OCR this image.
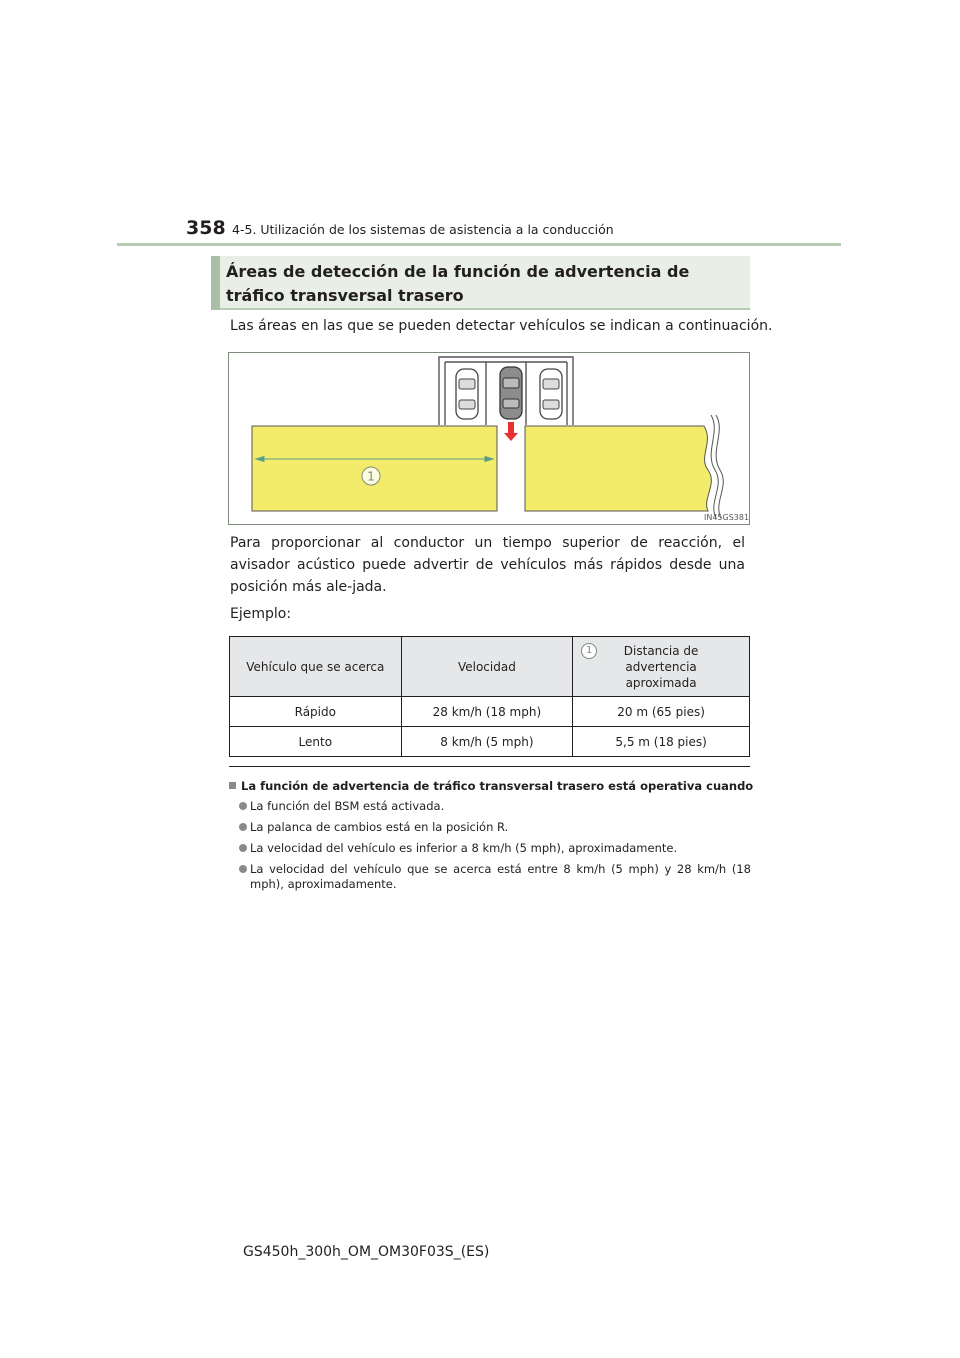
358 4-5. Utilización de los sistemas de asistencia a la conducción
Áreas de detección de la función de advertencia de tráfico transversal trasero
Las áreas en las que se pueden detectar vehículos se indican a continuación.
1
IN45GS381
Para proporcionar al conductor un tiempo superior de reacción, el avisador acústico puede advertir de vehículos más rápidos desde una posición más ale-jada.
Ejemplo:
Vehículo que se acerca	Velocidad	1 Distancia de advertencia aproximada
Rápido	28 km/h (18 mph)	20 m (65 pies)
Lento	8 km/h (5 mph)	5,5 m (18 pies)
La función de advertencia de tráfico transversal trasero está operativa cuando
La función del BSM está activada.
La palanca de cambios está en la posición R.
La velocidad del vehículo es inferior a 8 km/h (5 mph), aproximadamente.
La velocidad del vehículo que se acerca está entre 8 km/h (5 mph) y 28 km/h (18 mph), aproximadamente.
GS450h_300h_OM_OM30F03S_(ES)
